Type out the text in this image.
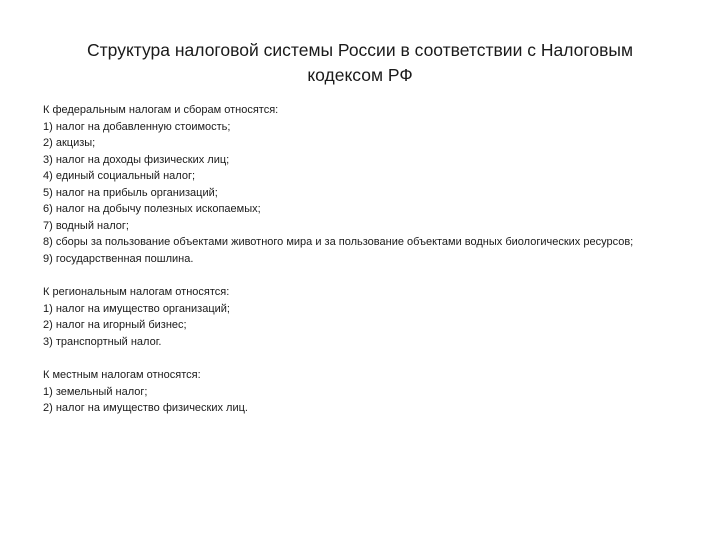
Структура налоговой системы России в соответствии с Налоговым
кодексом РФ
К федеральным налогам и сборам относятся:
1) налог на добавленную стоимость;
2) акцизы;
3) налог на доходы физических лиц;
4) единый социальный налог;
5) налог на прибыль организаций;
6) налог на добычу полезных ископаемых;
7) водный налог;
8) сборы за пользование объектами животного мира и за пользование объектами водных биологических ресурсов;
9) государственная пошлина.
К региональным налогам относятся:
1) налог на имущество организаций;
2) налог на игорный бизнес;
3) транспортный налог.
К местным налогам относятся:
1) земельный налог;
2) налог на имущество физических лиц.
